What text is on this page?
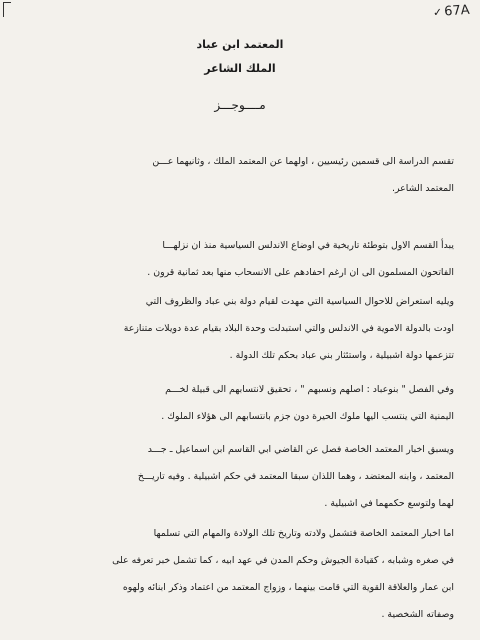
✓67A
المعتمد ابن عباد
الملك الشاعر
مــــوجـــز
تقسم الدراسة الى قسمين رئيسيين ، اولهما عن المعتمد الملك ، وثانيهما عـــن
المعتمد الشاعر.
يبدأ القسم الاول بتوطئة تاريخية في اوضاع الاندلس السياسية منذ ان نزلهـــا
الفاتحون المسلمون الى ان ارغم احفادهم على الانسحاب منها بعد ثمانية قرون .
ويليه استعراض للاحوال السياسية التي مهدت لقيام دولة بني عباد والظروف التي
اودت بالدولة الاموية في الاندلس والتي استبدلت وحدة البلاد بقيام عدة دويلات متنازعة
تتزعمها دولة اشبيلية ، واستئثار بني عباد بحكم تلك الدولة .
وفي الفصل " بنوعباد : اصلهم ونسبهم " ، تحقيق لانتسابهم الى قبيلة لخـــم
اليمنية التي ينتسب اليها ملوك الحيرة دون جزم بانتسابهم الى هؤلاء الملوك .
ويسبق اخبار المعتمد الخاصة فصل عن القاضي ابي القاسم ابن اسماعيل ـ جـــد
المعتمد ، وابنه المعتضد ، وهما اللذان سبقا المعتمد في حكم اشبيلية . وفيه تاريـــخ
لهما ولتوسع حكمهما في اشبيلية .
اما اخبار المعتمد الخاصة فتشمل ولادته وتاريخ تلك الولادة والمهام التي تسلمها
في صغره وشبابه ، كقيادة الجيوش وحكم المدن في عهد ابيه ، كما تشمل خبر تعرفه على
ابن عمار والعلاقة القوية التي قامت بينهما ، وزواج المعتمد من اعتماد وذكر ابنائه ولهوه
وصفاته الشخصية .
